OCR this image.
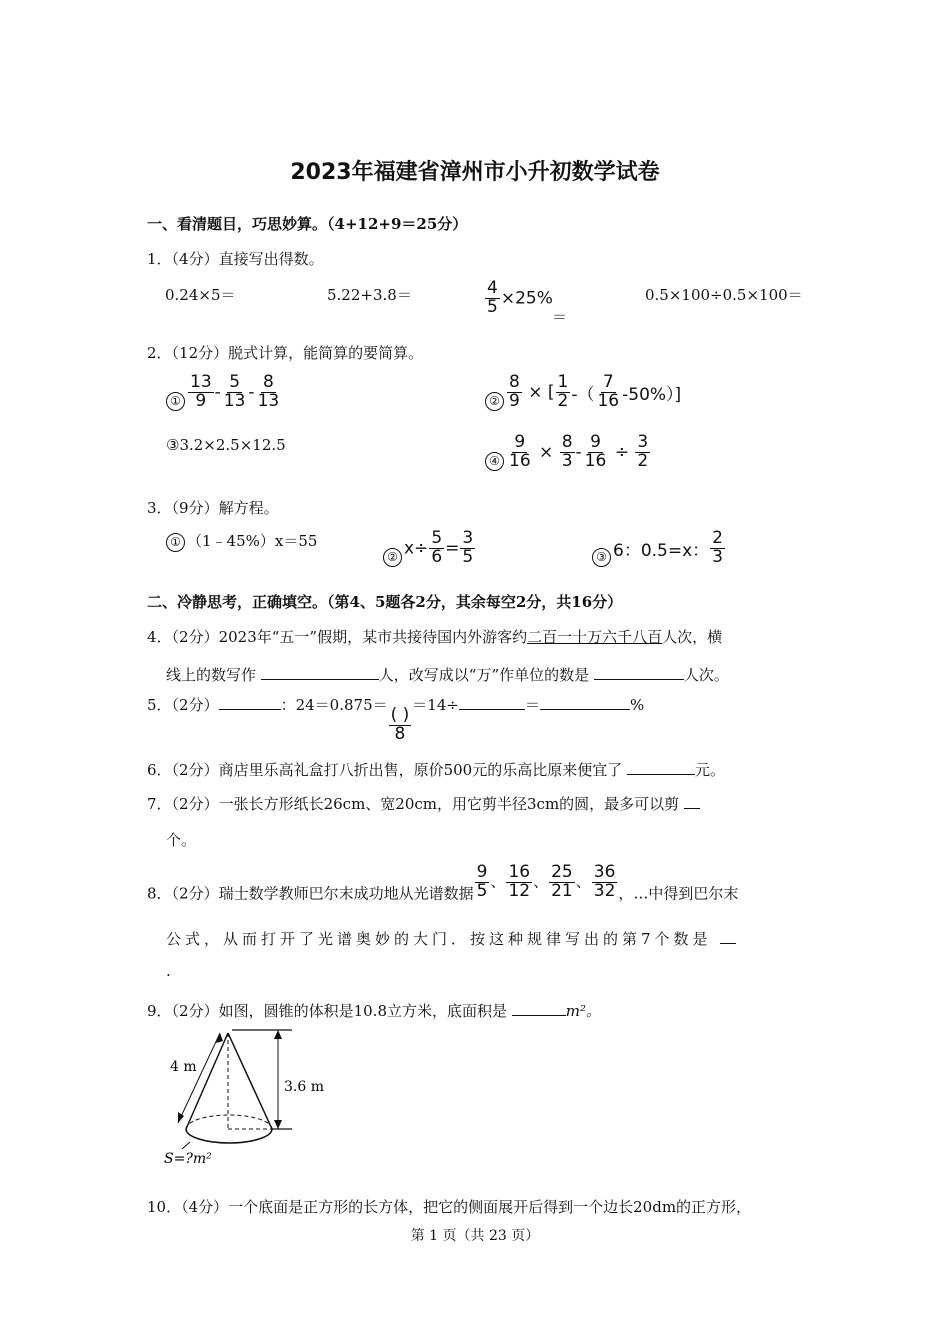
2023年福建省漳州市小升初数学试卷
一、看清题目，巧思妙算。（4+12+9＝25分）
1．（4分）直接写出得数。
0.24×5＝	5.22+3.8＝	$\frac{4}{5} \times 25\%$
＝
0.5×100÷0.5×100＝
2．（12分）脱式计算，能简算的要简算。
① $\frac{13}{9} - \frac{5}{13} - \frac{8}{13}$	② $\frac{8}{9}$ × [ $\frac{1}{2}$ -（ $\frac{7}{16} -50\%$）]
③3.2×2.5×12.5
④ $\frac{9}{16} \times \frac{8}{3} - \frac{9}{16} \div \frac{3}{2}$
3．（9分）解方程。
① （1﹣45%）x＝55
② $x\div \frac{5}{6} = \frac{3}{5}$	③ 6：0.5=x： $\frac{2}{3}$
二、冷静思考，正确填空。（第4、5题各2分，其余每空2分，共16分）
4．（2分）2023年“五一”假期，某市共接待国内外游客约二百一十万六千八百人次，横
线上的数写作	人，改写成以“万”作单位的数是	人次。
5．（2分）	：24＝0.875＝
$\frac{( )}{8}$
＝14÷	＝	%
6．（2分）商店里乐高礼盒打八折出售，原价500元的乐高比原来便宜了	元。
7．（2分）一张长方形纸长26cm、宽20cm，用它剪半径3cm的圆，最多可以剪
个。
8．（2分）瑞士数学教师巴尔末成功地从光谱数据 $\frac{9}{5}$ 、 $\frac{16}{12}$ 、 $\frac{25}{21}$ 、 $\frac{36}{32}$ ，…中得到巴尔末
公式，从而打开了光谱奥妙的大门．按这种规律写出的第7个数是
.
9．（2分）如图，圆锥的体积是10.8立方米，底面积是	m²。
4 m
3.6 m
S=?m²
10．（4分）一个底面是正方形的长方体，把它的侧面展开后得到一个边长20dm的正方形，
第 1 页（共 23 页）
